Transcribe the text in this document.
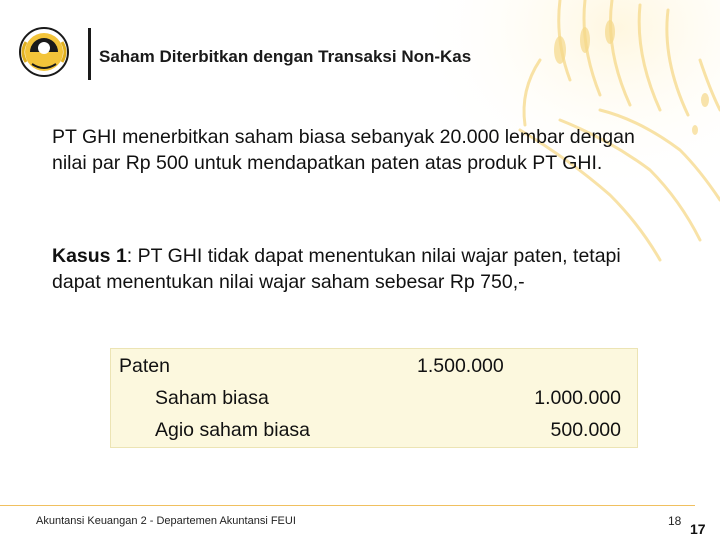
Saham Diterbitkan dengan Transaksi Non-Kas

PT GHI menerbitkan saham biasa sebanyak 20.000 lembar dengan nilai par Rp 500 untuk mendapatkan paten atas produk PT GHI.

Kasus 1: PT GHI tidak dapat menentukan nilai wajar paten, tetapi dapat menentukan nilai wajar saham sebesar Rp 750,-

Paten	1.500.000
Saham biasa	1.000.000
Agio saham biasa	500.000
Akuntansi Keuangan 2 - Departemen Akuntansi FEUI	18 17
